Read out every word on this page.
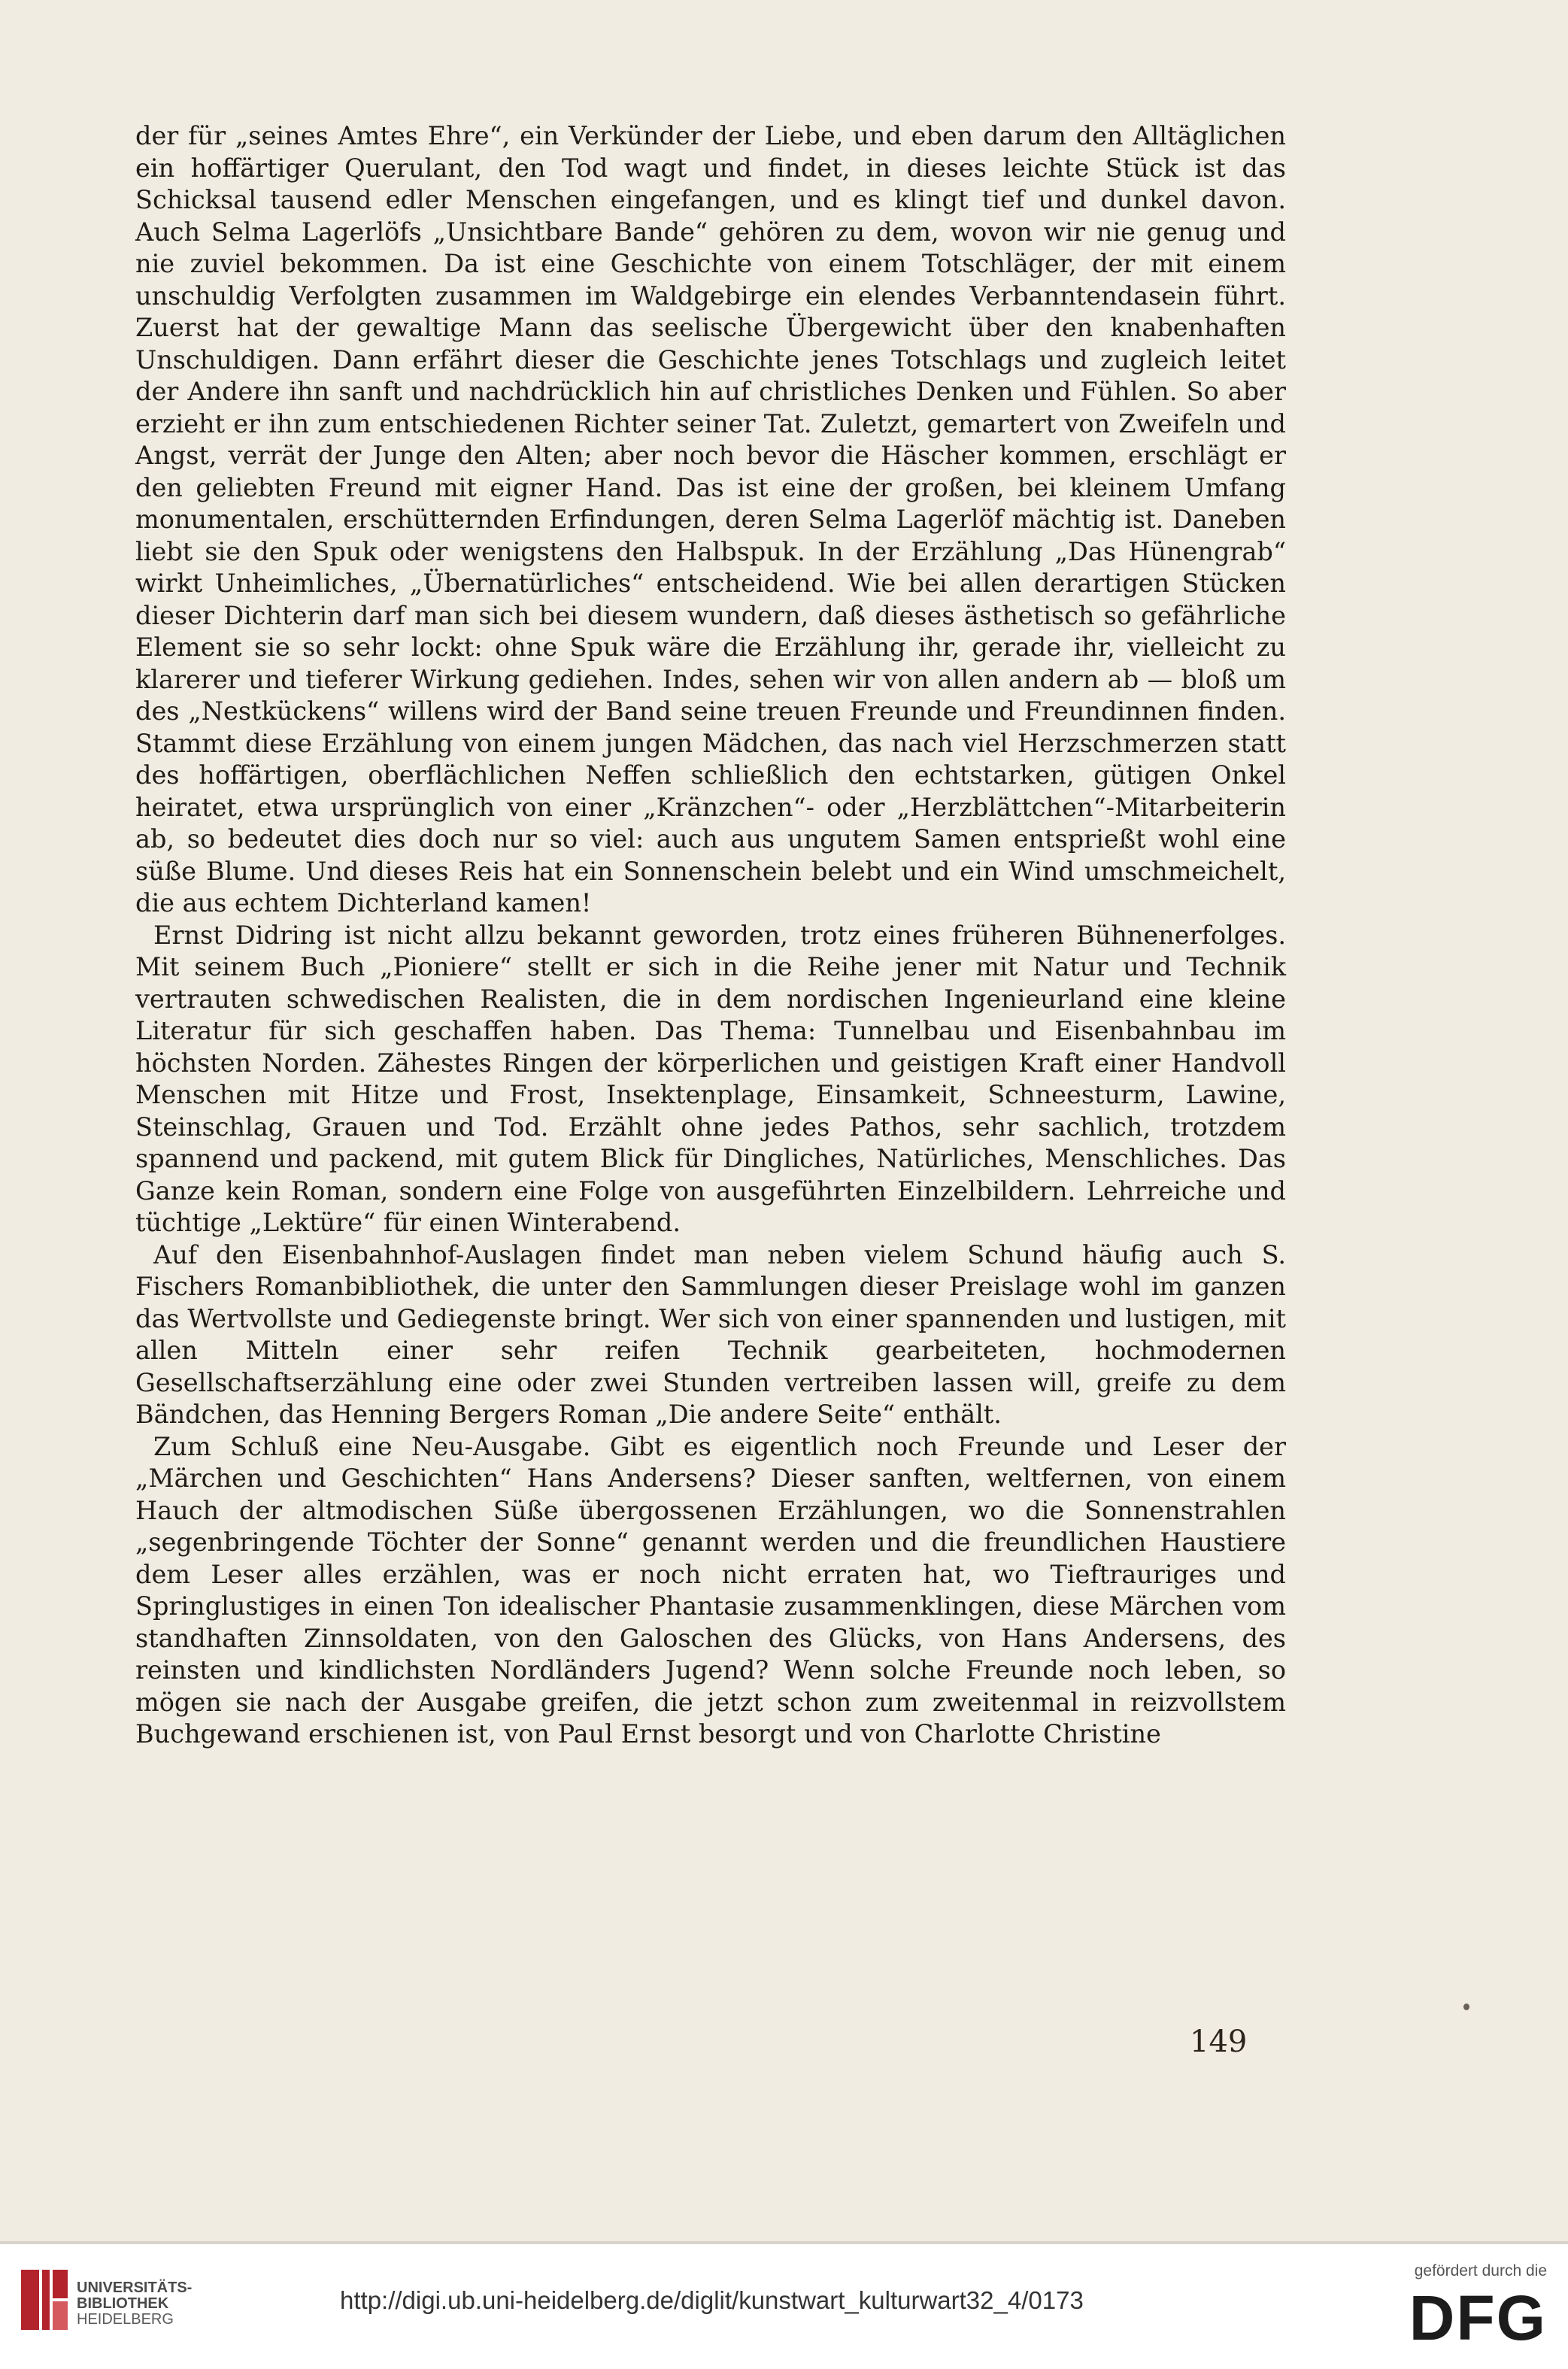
der für „seines Amtes Ehre“, ein Verkünder der Liebe, und eben darum den Alltäglichen ein hoffärtiger Querulant, den Tod wagt und findet, in dieses leichte Stück ist das Schicksal tausend edler Menschen eingefangen, und es klingt tief und dunkel davon. Auch Selma Lagerlöfs „Unsichtbare Bande“ gehören zu dem, wovon wir nie genug und nie zuviel bekommen. Da ist eine Geschichte von einem Totschläger, der mit einem unschuldig Verfolgten zusammen im Waldgebirge ein elendes Verbanntendasein führt. Zuerst hat der gewaltige Mann das seelische Übergewicht über den knabenhaften Unschuldigen. Dann erfährt dieser die Geschichte jenes Totschlags und zugleich leitet der Andere ihn sanft und nachdrücklich hin auf christliches Denken und Fühlen. So aber erzieht er ihn zum entschiedenen Richter seiner Tat. Zuletzt, gemartert von Zweifeln und Angst, verrät der Junge den Alten; aber noch bevor die Häscher kommen, erschlägt er den geliebten Freund mit eigner Hand. Das ist eine der großen, bei kleinem Umfang monumentalen, erschütternden Erfindungen, deren Selma Lagerlöf mächtig ist. Daneben liebt sie den Spuk oder wenigstens den Halbspuk. In der Erzählung „Das Hünengrab“ wirkt Unheimliches, „Übernatürliches“ entscheidend. Wie bei allen derartigen Stücken dieser Dichterin darf man sich bei diesem wundern, daß dieses ästhetisch so gefährliche Element sie so sehr lockt: ohne Spuk wäre die Erzählung ihr, gerade ihr, vielleicht zu klarerer und tieferer Wirkung gediehen. Indes, sehen wir von allen andern ab — bloß um des „Nestkückens“ willens wird der Band seine treuen Freunde und Freundinnen finden. Stammt diese Erzählung von einem jungen Mädchen, das nach viel Herzschmerzen statt des hoffärtigen, oberflächlichen Neffen schließlich den echtstarken, gütigen Onkel heiratet, etwa ursprünglich von einer „Kränzchen“- oder „Herzblättchen“-Mitarbeiterin ab, so bedeutet dies doch nur so viel: auch aus ungutem Samen entsprießt wohl eine süße Blume. Und dieses Reis hat ein Sonnenschein belebt und ein Wind umschmeichelt, die aus echtem Dichterland kamen!

Ernst Didring ist nicht allzu bekannt geworden, trotz eines früheren Bühnenerfolges. Mit seinem Buch „Pioniere“ stellt er sich in die Reihe jener mit Natur und Technik vertrauten schwedischen Realisten, die in dem nordischen Ingenieurland eine kleine Literatur für sich geschaffen haben. Das Thema: Tunnelbau und Eisenbahnbau im höchsten Norden. Zähestes Ringen der körperlichen und geistigen Kraft einer Handvoll Menschen mit Hitze und Frost, Insektenplage, Einsamkeit, Schneesturm, Lawine, Steinschlag, Grauen und Tod. Erzählt ohne jedes Pathos, sehr sachlich, trotzdem spannend und packend, mit gutem Blick für Dingliches, Natürliches, Menschliches. Das Ganze kein Roman, sondern eine Folge von ausgeführten Einzelbildern. Lehrreiche und tüchtige „Lektüre“ für einen Winterabend.

Auf den Eisenbahnhof-Auslagen findet man neben vielem Schund häufig auch S. Fischers Romanbibliothek, die unter den Sammlungen dieser Preislage wohl im ganzen das Wertvollste und Gediegenste bringt. Wer sich von einer spannenden und lustigen, mit allen Mitteln einer sehr reifen Technik gearbeiteten, hochmodernen Gesellschaftserzählung eine oder zwei Stunden vertreiben lassen will, greife zu dem Bändchen, das Henning Bergers Roman „Die andere Seite“ enthält.

Zum Schluß eine Neu-Ausgabe. Gibt es eigentlich noch Freunde und Leser der „Märchen und Geschichten“ Hans Andersens? Dieser sanften, weltfernen, von einem Hauch der altmodischen Süße übergossenen Erzählungen, wo die Sonnenstrahlen „segenbringende Töchter der Sonne“ genannt werden und die freundlichen Haustiere dem Leser alles erzählen, was er noch nicht erraten hat, wo Tieftrauriges und Springlustiges in einen Ton idealischer Phantasie zusammenklingen, diese Märchen vom standhaften Zinnsoldaten, von den Galoschen des Glücks, von Hans Andersens, des reinsten und kindlichsten Nordländers Jugend? Wenn solche Freunde noch leben, so mögen sie nach der Ausgabe greifen, die jetzt schon zum zweitenmal in reizvollstem Buchgewand erschienen ist, von Paul Ernst besorgt und von Charlotte Christine

149
UNIVERSITÄTS-
BIBLIOTHEK
HEIDELBERG
http://digi.ub.uni-heidelberg.de/diglit/kunstwart_kulturwart32_4/0173
gefördert durch die
DFG
